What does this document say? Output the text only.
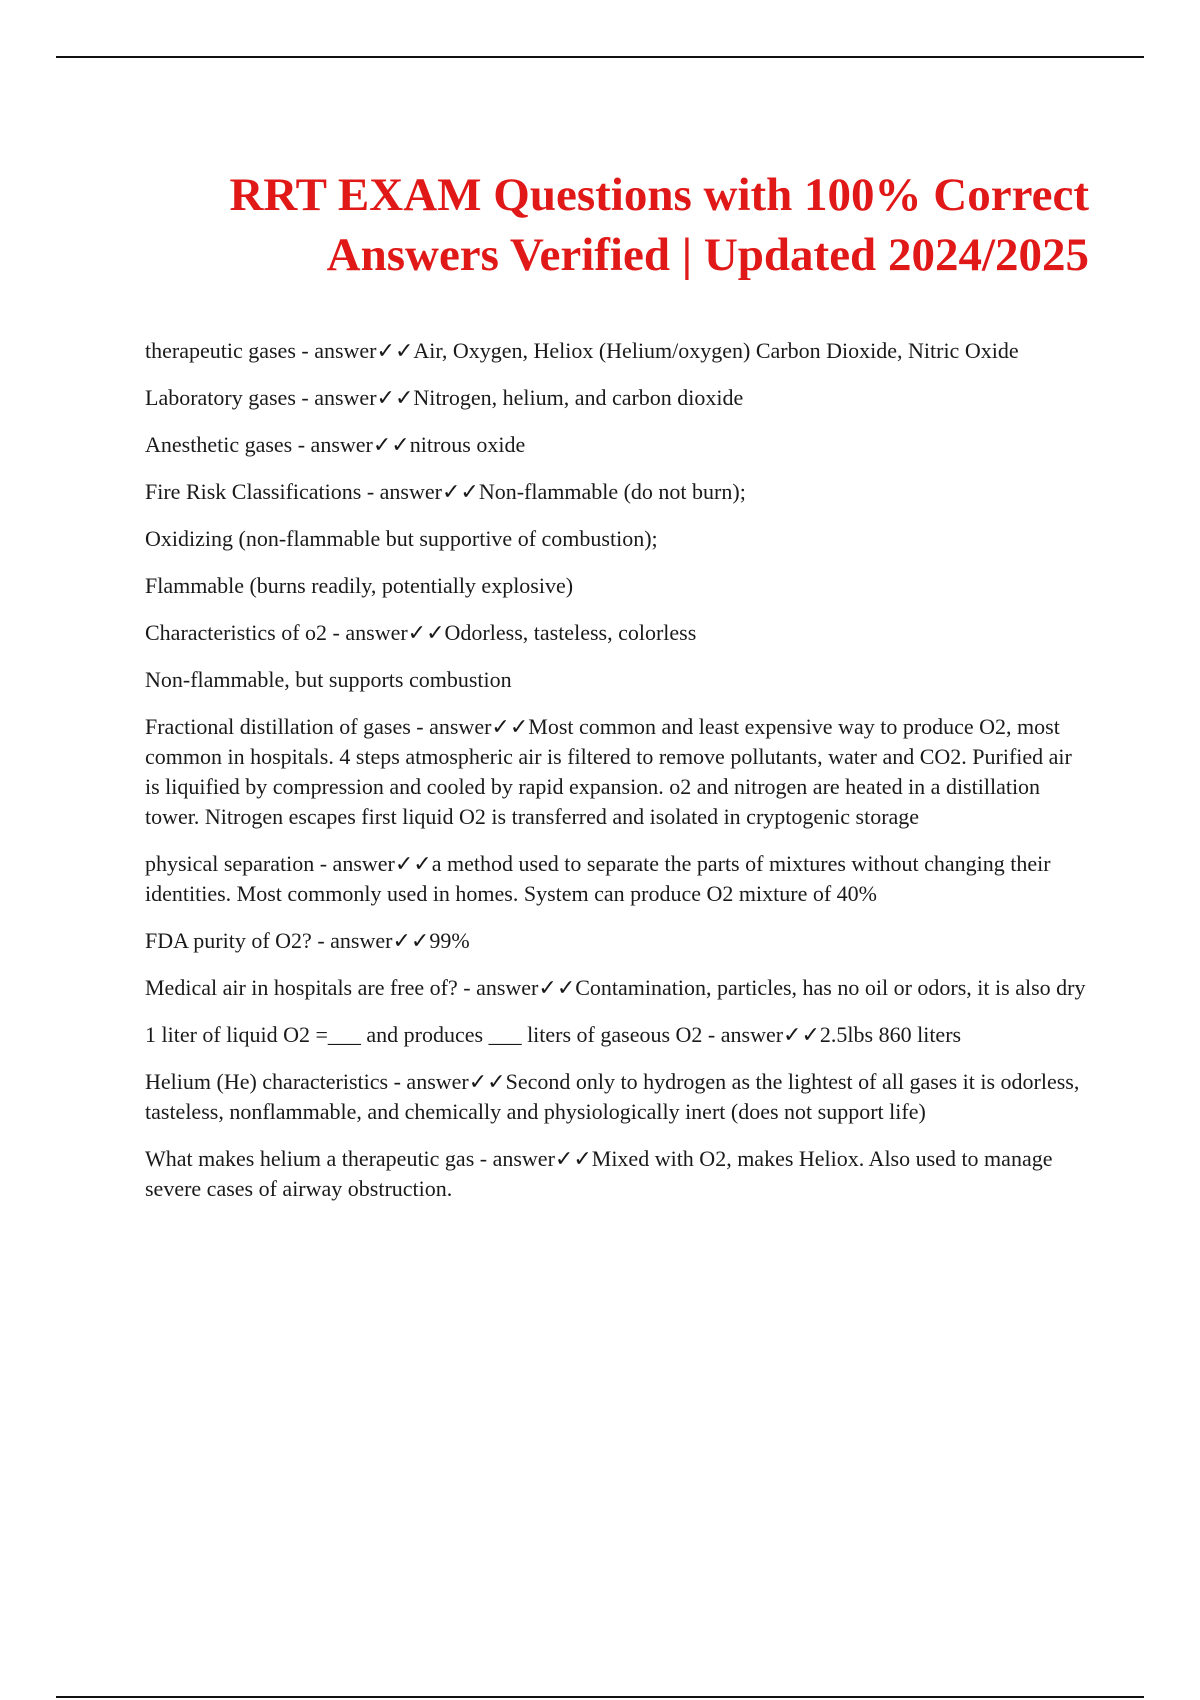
RRT EXAM Questions with 100% Correct
Answers Verified | Updated 2024/2025

therapeutic gases - answer✓✓Air, Oxygen, Heliox (Helium/oxygen) Carbon Dioxide, Nitric Oxide

Laboratory gases - answer✓✓Nitrogen, helium, and carbon dioxide

Anesthetic gases - answer✓✓nitrous oxide

Fire Risk Classifications - answer✓✓Non-flammable (do not burn);

Oxidizing (non-flammable but supportive of combustion);

Flammable (burns readily, potentially explosive)

Characteristics of o2 - answer✓✓Odorless, tasteless, colorless

Non-flammable, but supports combustion

Fractional distillation of gases - answer✓✓Most common and least expensive way to produce O2, most common in hospitals. 4 steps atmospheric air is filtered to remove pollutants, water and CO2. Purified air is liquified by compression and cooled by rapid expansion. o2 and nitrogen are heated in a distillation tower. Nitrogen escapes first liquid O2 is transferred and isolated in cryptogenic storage

physical separation - answer✓✓a method used to separate the parts of mixtures without changing their identities. Most commonly used in homes. System can produce O2 mixture of 40%

FDA purity of O2? - answer✓✓99%

Medical air in hospitals are free of? - answer✓✓Contamination, particles, has no oil or odors, it is also dry

1 liter of liquid O2 =___ and produces ___ liters of gaseous O2 - answer✓✓2.5lbs 860 liters

Helium (He) characteristics - answer✓✓Second only to hydrogen as the lightest of all gases it is odorless, tasteless, nonflammable, and chemically and physiologically inert (does not support life)

What makes helium a therapeutic gas - answer✓✓Mixed with O2, makes Heliox. Also used to manage severe cases of airway obstruction.
